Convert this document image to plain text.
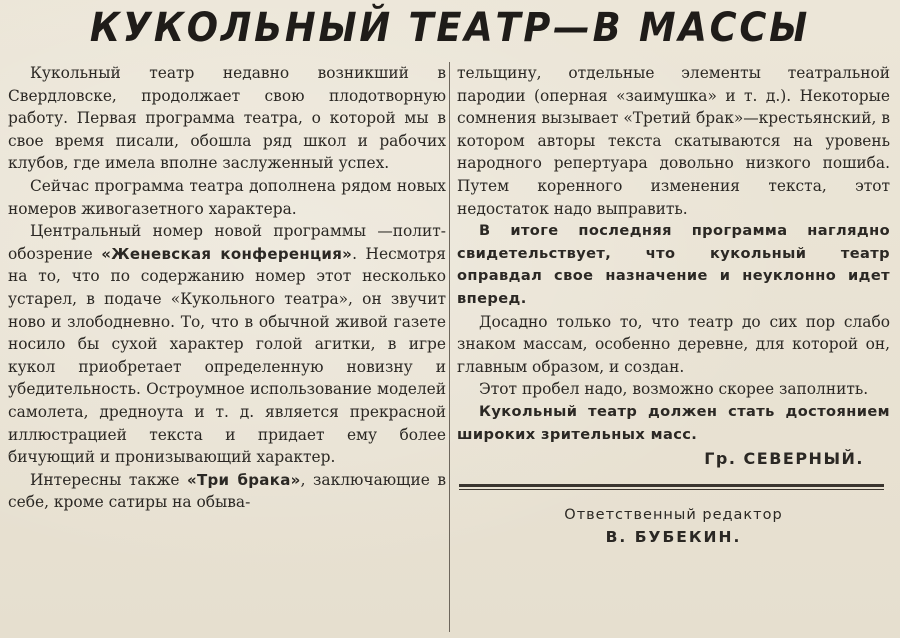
КУКОЛЬНЫЙ ТЕАТР—В МАССЫ

Кукольный театр недавно возникший в Свердловске, продолжает свою плодотворную работу. Первая программа театра, о которой мы в свое время писали, обошла ряд школ и рабочих клубов, где имела вполне заслуженный успех.

Сейчас программа театра дополнена рядом новых номеров живогазетного характера.

Центральный номер новой программы —полит-обозрение «Женевская конференция». Несмотря на то, что по содержанию номер этот несколько устарел, в подаче «Кукольного театра», он звучит ново и злободневно. То, что в обычной живой газете носило бы сухой характер голой агитки, в игре кукол приобретает определенную новизну и убедительность. Остроумное использование моделей самолета, дредноута и т. д. является прекрасной иллюстрацией текста и придает ему более бичующий и пронизывающий характер.

Интересны также «Три брака», заключающие в себе, кроме сатиры на обыва-

тельщину, отдельные элементы театральной пародии (оперная «заимушка» и т. д.). Некоторые сомнения вызывает «Третий брак»—крестьянский, в котором авторы текста скатываются на уровень народного репертуара довольно низкого пошиба. Путем коренного изменения текста, этот недостаток надо выправить.

В итоге последняя программа наглядно свидетельствует, что кукольный театр оправдал свое назначение и неуклонно идет вперед.

Досадно только то, что театр до сих пор слабо знаком массам, особенно деревне, для которой он, главным образом, и создан.

Этот пробел надо, возможно скорее заполнить.

Кукольный театр должен стать достоянием широких зрительных масс.

Гр. СЕВЕРНЫЙ.
Ответственный редактор
В. БУБЕКИН.
